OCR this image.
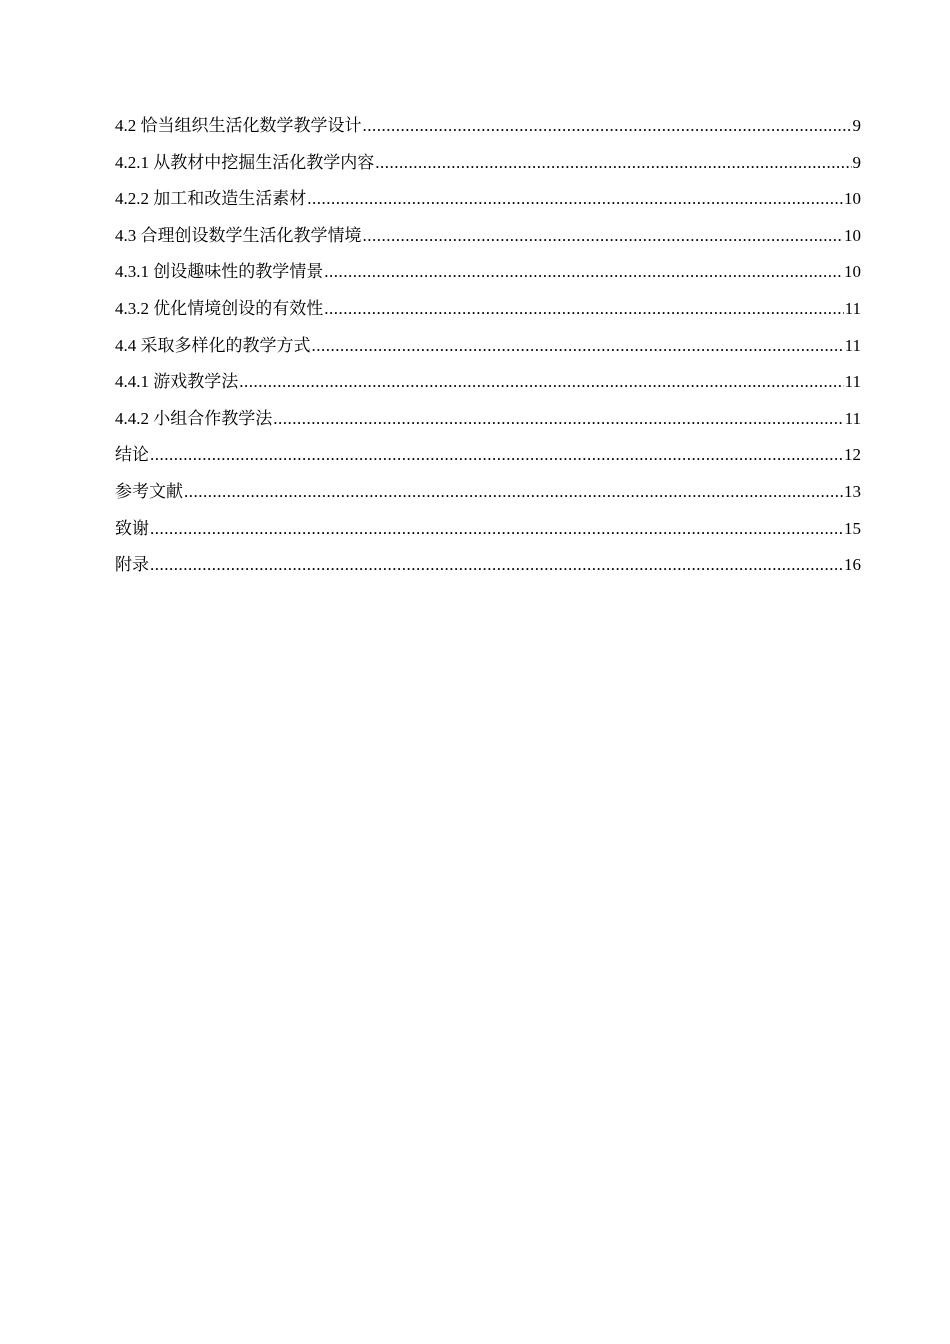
4.2 恰当组织生活化数学教学设计 .....	9
4.2.1 从教材中挖掘生活化教学内容 .....	9
4.2.2 加工和改造生活素材 .....	10
4.3 合理创设数学生活化教学情境 .....	10
4.3.1 创设趣味性的教学情景 .....	10
4.3.2 优化情境创设的有效性 .....	11
4.4 采取多样化的教学方式 .....	11
4.4.1 游戏教学法 .....	11
4.4.2 小组合作教学法 .....	11
结论 .....	12
参考文献 .....	13
致谢 .....	15
附录 .....	16
